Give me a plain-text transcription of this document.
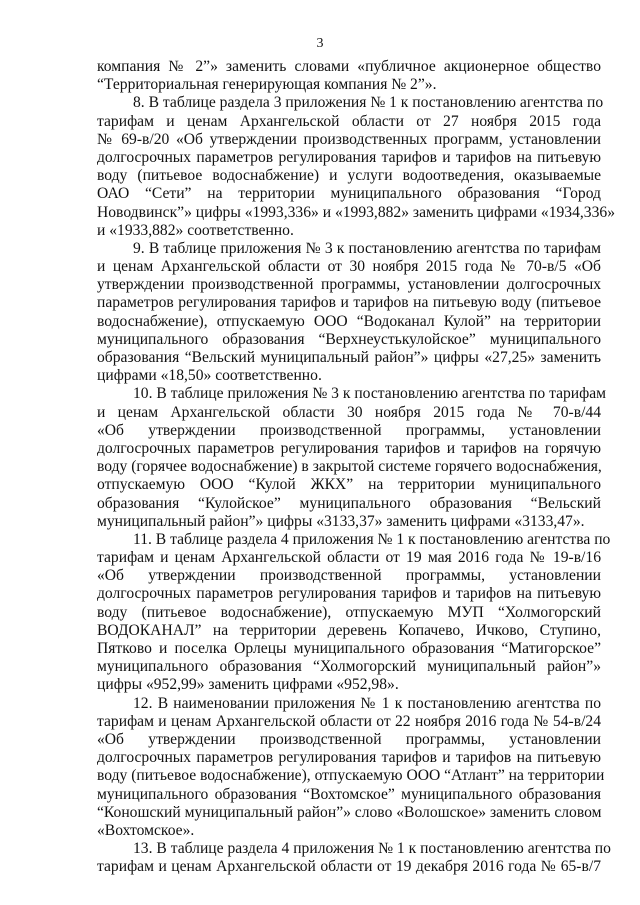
3
компания № 2”» заменить словами «публичное акционерное общество
“Территориальная генерирующая компания № 2”».
8. В таблице раздела 3 приложения № 1 к постановлению агентства по
тарифам и ценам Архангельской области от 27 ноября 2015 года
№ 69-в/20 «Об утверждении производственных программ, установлении
долгосрочных параметров регулирования тарифов и тарифов на питьевую
воду (питьевое водоснабжение) и услуги водоотведения, оказываемые
ОАО “Сети” на территории муниципального образования “Город
Новодвинск”» цифры «1993,336» и «1993,882» заменить цифрами «1934,336»
и «1933,882» соответственно.
9. В таблице приложения № 3 к постановлению агентства по тарифам
и ценам Архангельской области от 30 ноября 2015 года № 70-в/5 «Об
утверждении производственной программы, установлении долгосрочных
параметров регулирования тарифов и тарифов на питьевую воду (питьевое
водоснабжение), отпускаемую ООО “Водоканал Кулой” на территории
муниципального образования “Верхнеустькулойское” муниципального
образования “Вельский муниципальный район”» цифры «27,25» заменить
цифрами «18,50» соответственно.
10. В таблице приложения № 3 к постановлению агентства по тарифам
и ценам Архангельской области 30 ноября 2015 года № 70-в/44
«Об утверждении производственной программы, установлении
долгосрочных параметров регулирования тарифов и тарифов на горячую
воду (горячее водоснабжение) в закрытой системе горячего водоснабжения,
отпускаемую ООО “Кулой ЖКХ” на территории муниципального
образования “Кулойское” муниципального образования “Вельский
муниципальный район”» цифры «3133,37» заменить цифрами «3133,47».
11. В таблице раздела 4 приложения № 1 к постановлению агентства по
тарифам и ценам Архангельской области от 19 мая 2016 года № 19-в/16
«Об утверждении производственной программы, установлении
долгосрочных параметров регулирования тарифов и тарифов на питьевую
воду (питьевое водоснабжение), отпускаемую МУП “Холмогорский
ВОДОКАНАЛ” на территории деревень Копачево, Ичково, Ступино,
Пятково и поселка Орлецы муниципального образования “Матигорское”
муниципального образования “Холмогорский муниципальный район”»
цифры «952,99» заменить цифрами «952,98».
12. В наименовании приложения № 1 к постановлению агентства по
тарифам и ценам Архангельской области от 22 ноября 2016 года № 54-в/24
«Об утверждении производственной программы, установлении
долгосрочных параметров регулирования тарифов и тарифов на питьевую
воду (питьевое водоснабжение), отпускаемую ООО “Атлант” на территории
муниципального образования “Вохтомское” муниципального образования
“Коношский муниципальный район”» слово «Волошское» заменить словом
«Вохтомское».
13. В таблице раздела 4 приложения № 1 к постановлению агентства по
тарифам и ценам Архангельской области от 19 декабря 2016 года № 65-в/7
